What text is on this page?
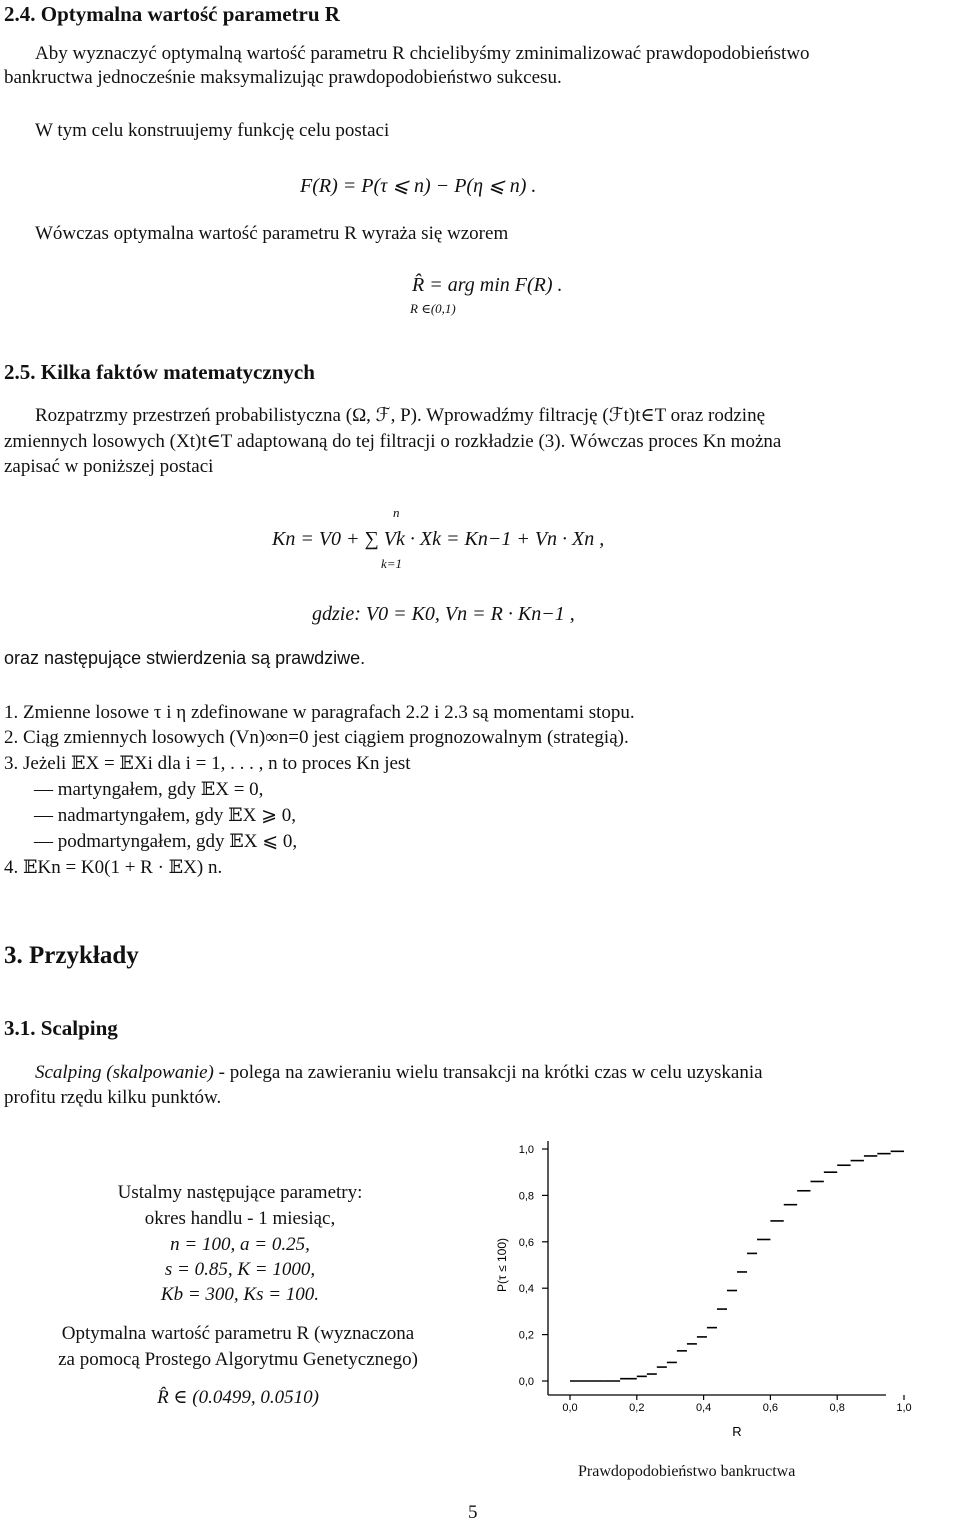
2.4. Optymalna wartość parametru R
Aby wyznaczyć optymalną wartość parametru R chcielibyśmy zminimalizować prawdopodobieństwo
bankructwa jednocześnie maksymalizując prawdopodobieństwo sukcesu.
W tym celu konstruujemy funkcję celu postaci
F(R) = P(τ ⩽ n) − P(η ⩽ n) .
Wówczas optymalna wartość parametru R wyraża się wzorem
R̂ = arg min F(R) .
R ∈(0,1)
2.5. Kilka faktów matematycznych
Rozpatrzmy przestrzeń probabilistyczna (Ω, ℱ, P). Wprowadźmy filtrację (ℱt)t∈T oraz rodzinę
zmiennych losowych (Xt)t∈T adaptowaną do tej filtracji o rozkładzie (3). Wówczas proces Kn można
zapisać w poniższej postaci
n
Kn = V0 + ∑ Vk · Xk = Kn−1 + Vn · Xn ,
k=1
gdzie: V0 = K0, Vn = R · Kn−1 ,
oraz następujące stwierdzenia są prawdziwe.
1. Zmienne losowe τ i η zdefinowane w paragrafach 2.2 i 2.3 są momentami stopu.
2. Ciąg zmiennych losowych (Vn)∞n=0 jest ciągiem prognozowalnym (strategią).
3. Jeżeli 𝔼X = 𝔼Xi dla i = 1, . . . , n to proces Kn jest
— martyngałem, gdy 𝔼X = 0,
— nadmartyngałem, gdy 𝔼X ⩾ 0,
— podmartyngałem, gdy 𝔼X ⩽ 0,
4. 𝔼Kn = K0(1 + R · 𝔼X) n.
3. Przykłady
3.1. Scalping
Scalping (skalpowanie) - polega na zawieraniu wielu transakcji na krótki czas w celu uzyskania
profitu rzędu kilku punktów.
Ustalmy następujące parametry:
okres handlu - 1 miesiąc,
n = 100, a = 0.25,
s = 0.85, K = 1000,
Kb = 300, Ks = 100.
Optymalna wartość parametru R (wyznaczona
za pomocą Prostego Algorytmu Genetycznego)
R̂ ∈ (0.0499, 0.0510)
0,0
0,2
0,4
0,6
0,8
1,0
0,0	0,2	0,4	0,6	0,8	1,0
R
P(τ ≤ 100)
Prawdopodobieństwo bankructwa
5
